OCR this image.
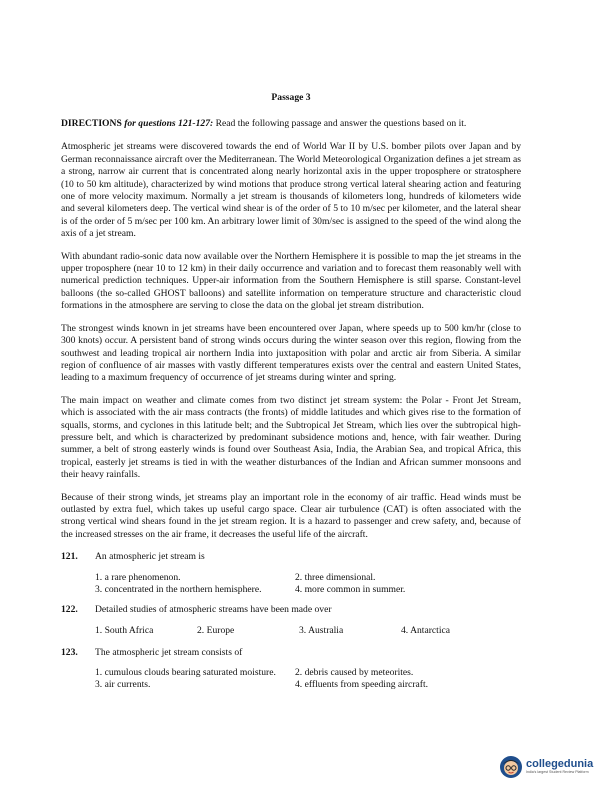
Passage 3
DIRECTIONS for questions 121-127: Read the following passage and answer the questions based on it.

Atmospheric jet streams were discovered towards the end of World War II by U.S. bomber pilots over Japan and by German reconnaissance aircraft over the Mediterranean. The World Meteorological Organization defines a jet stream as a strong, narrow air current that is concentrated along nearly horizontal axis in the upper troposphere or stratosphere (10 to 50 km altitude), characterized by wind motions that produce strong vertical lateral shearing action and featuring one of more velocity maximum. Normally a jet stream is thousands of kilometers long, hundreds of kilometers wide and several kilometers deep. The vertical wind shear is of the order of 5 to 10 m/sec per kilometer, and the lateral shear is of the order of 5 m/sec per 100 km. An arbitrary lower limit of 30m/sec is assigned to the speed of the wind along the axis of a jet stream.

With abundant radio-sonic data now available over the Northern Hemisphere it is possible to map the jet streams in the upper troposphere (near 10 to 12 km) in their daily occurrence and variation and to forecast them reasonably well with numerical prediction techniques. Upper-air information from the Southern Hemisphere is still sparse. Constant-level balloons (the so-called GHOST balloons) and satellite information on temperature structure and characteristic cloud formations in the atmosphere are serving to close the data on the global jet stream distribution.

The strongest winds known in jet streams have been encountered over Japan, where speeds up to 500 km/hr (close to 300 knots) occur. A persistent band of strong winds occurs during the winter season over this region, flowing from the southwest and leading tropical air northern India into juxtaposition with polar and arctic air from Siberia. A similar region of confluence of air masses with vastly different temperatures exists over the central and eastern United States, leading to a maximum frequency of occurrence of jet streams during winter and spring.

The main impact on weather and climate comes from two distinct jet stream system: the Polar - Front Jet Stream, which is associated with the air mass contracts (the fronts) of middle latitudes and which gives rise to the formation of squalls, storms, and cyclones in this latitude belt; and the Subtropical Jet Stream, which lies over the subtropical high-pressure belt, and which is characterized by predominant subsidence motions and, hence, with fair weather. During summer, a belt of strong easterly winds is found over Southeast Asia, India, the Arabian Sea, and tropical Africa, this tropical, easterly jet streams is tied in with the weather disturbances of the Indian and African summer monsoons and their heavy rainfalls.

Because of their strong winds, jet streams play an important role in the economy of air traffic. Head winds must be outlasted by extra fuel, which takes up useful cargo space. Clear air turbulence (CAT) is often associated with the strong vertical wind shears found in the jet stream region. It is a hazard to passenger and crew safety, and, because of the increased stresses on the air frame, it decreases the useful life of the aircraft.

121.	An atmospheric jet stream is
1. a rare phenomenon.	2. three dimensional.
3. concentrated in the northern hemisphere.	4. more common in summer.
122.	Detailed studies of atmospheric streams have been made over
1. South Africa	2. Europe	3. Australia	4. Antarctica
123.	The atmospheric jet stream consists of
1. cumulous clouds bearing saturated moisture.	2. debris caused by meteorites.
3. air currents.	4. effluents from speeding aircraft.
collegedunia
India's largest Student Review Platform
